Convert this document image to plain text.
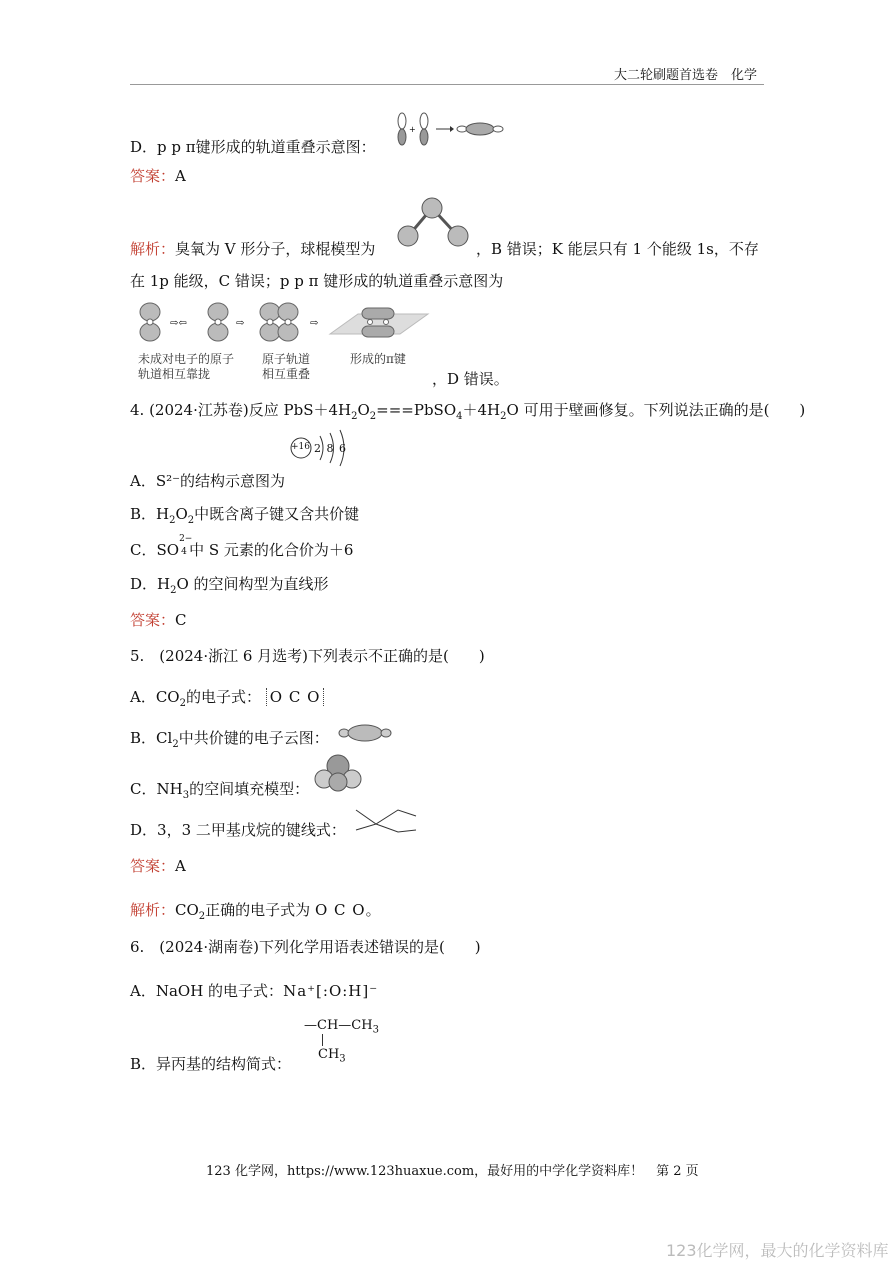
大二轮刷题首选卷　 化学
D．p p π键形成的轨道重叠示意图：
+
答案：A
解析：臭氧为 V 形分子，球棍模型为	，B 错误；K 能层只有 1 个能级 1s，不存
在 1p 能级，C 错误；p p π 键形成的轨道重叠示意图为
⇨⇦	⇨	⇨
未成对电子的原子
轨道相互靠拢
原子轨道
相互重叠
形成的π键
，D 错误。
4. (2024·江苏卷)反应 $PbS+4H_2O_2===PbSO_4+4H_2O$ 可用于壁画修复。下列说法正确的是(　　)
A．S²⁻的结构示意图为
+16 2 8 6
B．$H_2O_2$中既含离子键又含共价键
C．SO
2−
4 中 S 元素的化合价为＋6
D．$H_2O$ 的空间构型为直线形
答案：C
5.　(2024·浙江 6 月选考)下列表示不正确的是(　　)
A．$CO_2$的电子式： O C O
B．$Cl_2$中共价键的电子云图：
C．$NH_3$的空间填充模型：
D．3，3 二甲基戊烷的键线式：
答案：A
解析：$CO_2$正确的电子式为 O C O。
6.　(2024·湖南卷)下列化学用语表述错误的是(　　)
A．NaOH 的电子式：Na⁺[:O:H]⁻
$—CH—CH_3$
$CH_3$
B．异丙基的结构简式：
123 化学网，https://www.123huaxue.com，最好用的中学化学资料库！　第 2 页
123化学网，最大的化学资料库
